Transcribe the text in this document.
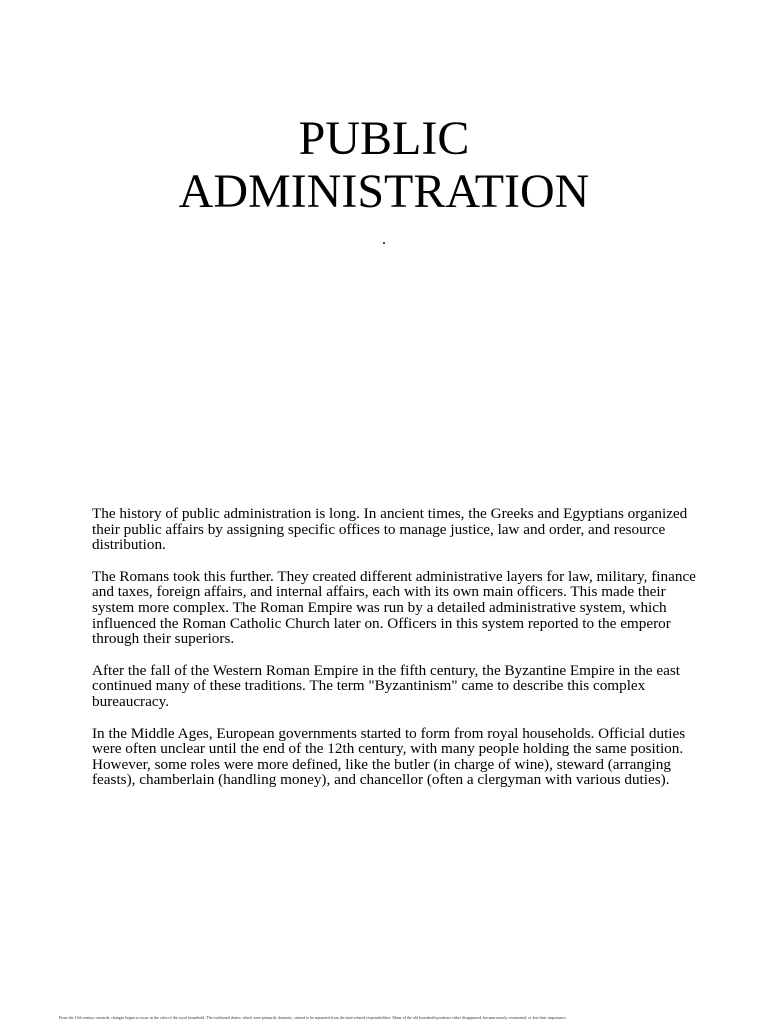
PUBLIC
ADMINISTRATION
.

The history of public administration is long. In ancient times, the Greeks and Egyptians organized their public affairs by assigning specific offices to manage justice, law and order, and resource distribution.

The Romans took this further. They created different administrative layers for law, military, finance and taxes, foreign affairs, and internal affairs, each with its own main officers. This made their system more complex. The Roman Empire was run by a detailed administrative system, which influenced the Roman Catholic Church later on. Officers in this system reported to the emperor through their superiors.

After the fall of the Western Roman Empire in the fifth century, the Byzantine Empire in the east continued many of these traditions. The term "Byzantinism" came to describe this complex bureaucracy.

In the Middle Ages, European governments started to form from royal households. Official duties were often unclear until the end of the 12th century, with many people holding the same position. However, some roles were more defined, like the butler (in charge of wine), steward (arranging feasts), chamberlain (handling money), and chancellor (often a clergyman with various duties).

From the 13th century onwards, changes began to occur in the roles of the royal household. The traditional duties, which were primarily domestic, started to be separated from the state-related responsibilities. Many of the old household positions either disappeared, became merely ceremonial, or lost their importance.
